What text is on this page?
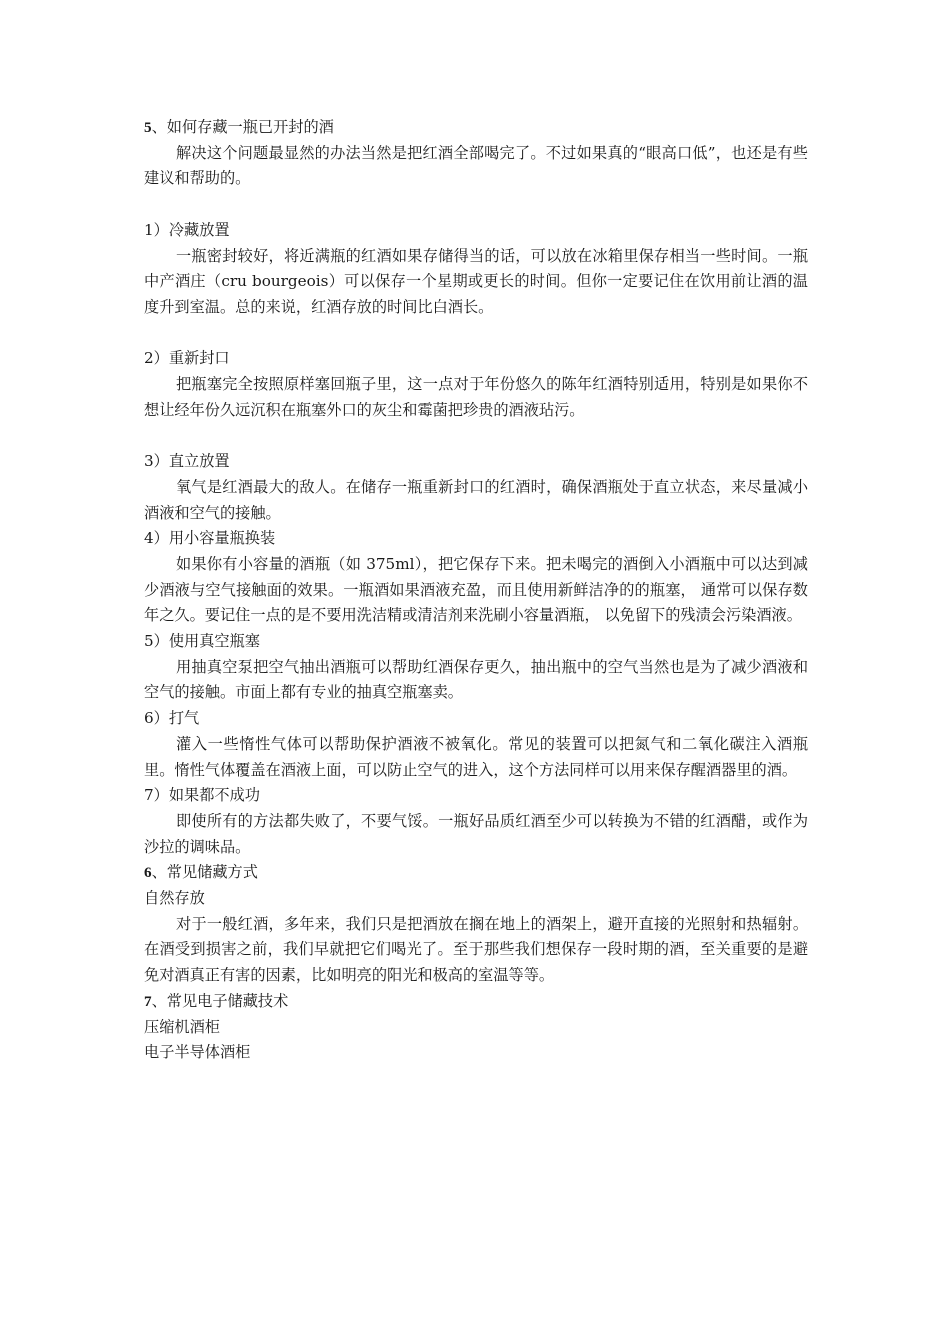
5、如何存藏一瓶已开封的酒

解决这个问题最显然的办法当然是把红酒全部喝完了。不过如果真的“眼高口低”，也还是有些建议和帮助的。

1）冷藏放置

一瓶密封较好，将近满瓶的红酒如果存储得当的话，可以放在冰箱里保存相当一些时间。一瓶中产酒庄（cru bourgeois）可以保存一个星期或更长的时间。但你一定要记住在饮用前让酒的温度升到室温。总的来说，红酒存放的时间比白酒长。

2）重新封口

把瓶塞完全按照原样塞回瓶子里，这一点对于年份悠久的陈年红酒特别适用，特别是如果你不想让经年份久远沉积在瓶塞外口的灰尘和霉菌把珍贵的酒液玷污。

3）直立放置

氧气是红酒最大的敌人。在储存一瓶重新封口的红酒时，确保酒瓶处于直立状态，来尽量减小酒液和空气的接触。

4）用小容量瓶换装

如果你有小容量的酒瓶（如 375ml），把它保存下来。把未喝完的酒倒入小酒瓶中可以达到减少酒液与空气接触面的效果。一瓶酒如果酒液充盈，而且使用新鲜洁净的的瓶塞， 通常可以保存数年之久。要记住一点的是不要用洗洁精或清洁剂来洗刷小容量酒瓶， 以免留下的残渍会污染酒液。

5）使用真空瓶塞

用抽真空泵把空气抽出酒瓶可以帮助红酒保存更久，抽出瓶中的空气当然也是为了减少酒液和空气的接触。市面上都有专业的抽真空瓶塞卖。

6）打气

灌入一些惰性气体可以帮助保护酒液不被氧化。常见的装置可以把氮气和二氧化碳注入酒瓶里。惰性气体覆盖在酒液上面，可以防止空气的进入，这个方法同样可以用来保存醒酒器里的酒。

7）如果都不成功

即使所有的方法都失败了，不要气馁。一瓶好品质红酒至少可以转换为不错的红酒醋，或作为沙拉的调味品。

6、常见储藏方式

自然存放

对于一般红酒，多年来，我们只是把酒放在搁在地上的酒架上，避开直接的光照射和热辐射。在酒受到损害之前，我们早就把它们喝光了。至于那些我们想保存一段时期的酒，至关重要的是避免对酒真正有害的因素，比如明亮的阳光和极高的室温等等。

7、常见电子储藏技术

压缩机酒柜

电子半导体酒柜
